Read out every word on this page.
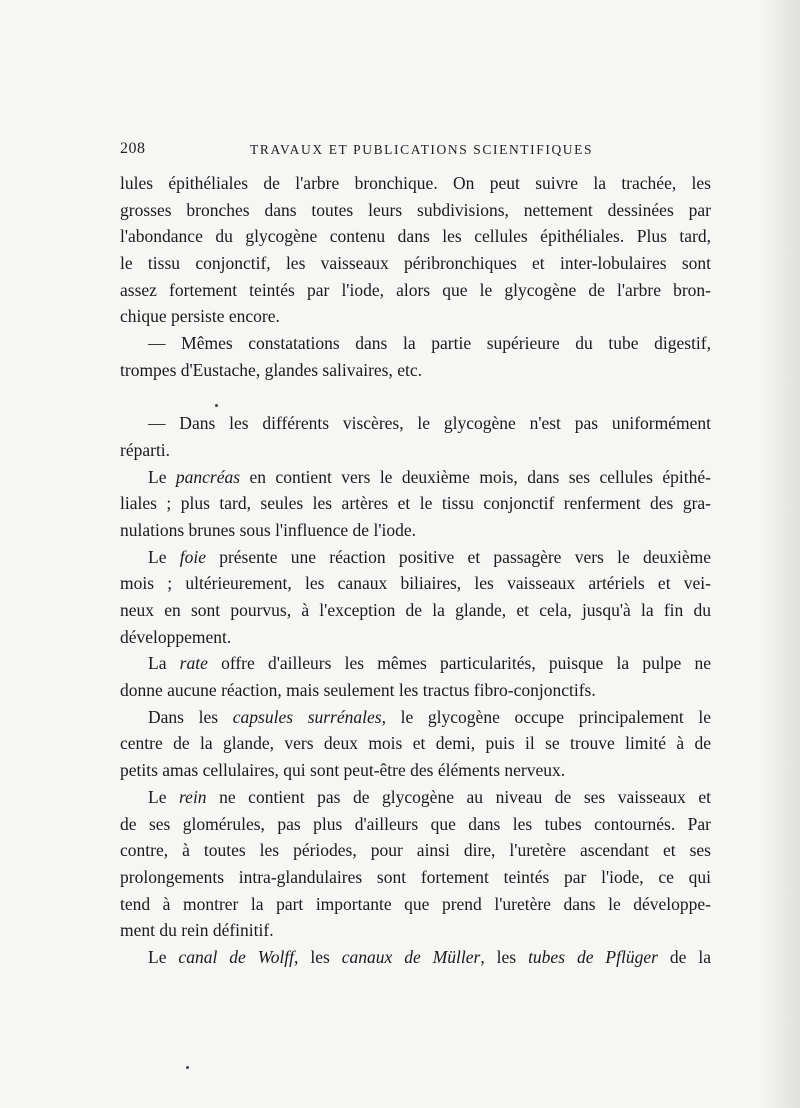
208	TRAVAUX ET PUBLICATIONS SCIENTIFIQUES
lules épithéliales de l'arbre bronchique. On peut suivre la trachée, les
grosses bronches dans toutes leurs subdivisions, nettement dessinées par
l'abondance du glycogène contenu dans les cellules épithéliales. Plus tard,
le tissu conjonctif, les vaisseaux péribronchiques et inter-lobulaires sont
assez fortement teintés par l'iode, alors que le glycogène de l'arbre bron-
chique persiste encore.
— Mêmes constatations dans la partie supérieure du tube digestif,
trompes d'Eustache, glandes salivaires, etc.
— Dans les différents viscères, le glycogène n'est pas uniformément
réparti.
Le pancréas en contient vers le deuxième mois, dans ses cellules épithé-
liales ; plus tard, seules les artères et le tissu conjonctif renferment des gra-
nulations brunes sous l'influence de l'iode.
Le foie présente une réaction positive et passagère vers le deuxième
mois ; ultérieurement, les canaux biliaires, les vaisseaux artériels et vei-
neux en sont pourvus, à l'exception de la glande, et cela, jusqu'à la fin du
développement.
La rate offre d'ailleurs les mêmes particularités, puisque la pulpe ne
donne aucune réaction, mais seulement les tractus fibro-conjonctifs.
Dans les capsules surrénales, le glycogène occupe principalement le
centre de la glande, vers deux mois et demi, puis il se trouve limité à de
petits amas cellulaires, qui sont peut-être des éléments nerveux.
Le rein ne contient pas de glycogène au niveau de ses vaisseaux et
de ses glomérules, pas plus d'ailleurs que dans les tubes contournés. Par
contre, à toutes les périodes, pour ainsi dire, l'uretère ascendant et ses
prolongements intra-glandulaires sont fortement teintés par l'iode, ce qui
tend à montrer la part importante que prend l'uretère dans le développe-
ment du rein définitif.
Le canal de Wolff, les canaux de Müller, les tubes de Pflüger de la
